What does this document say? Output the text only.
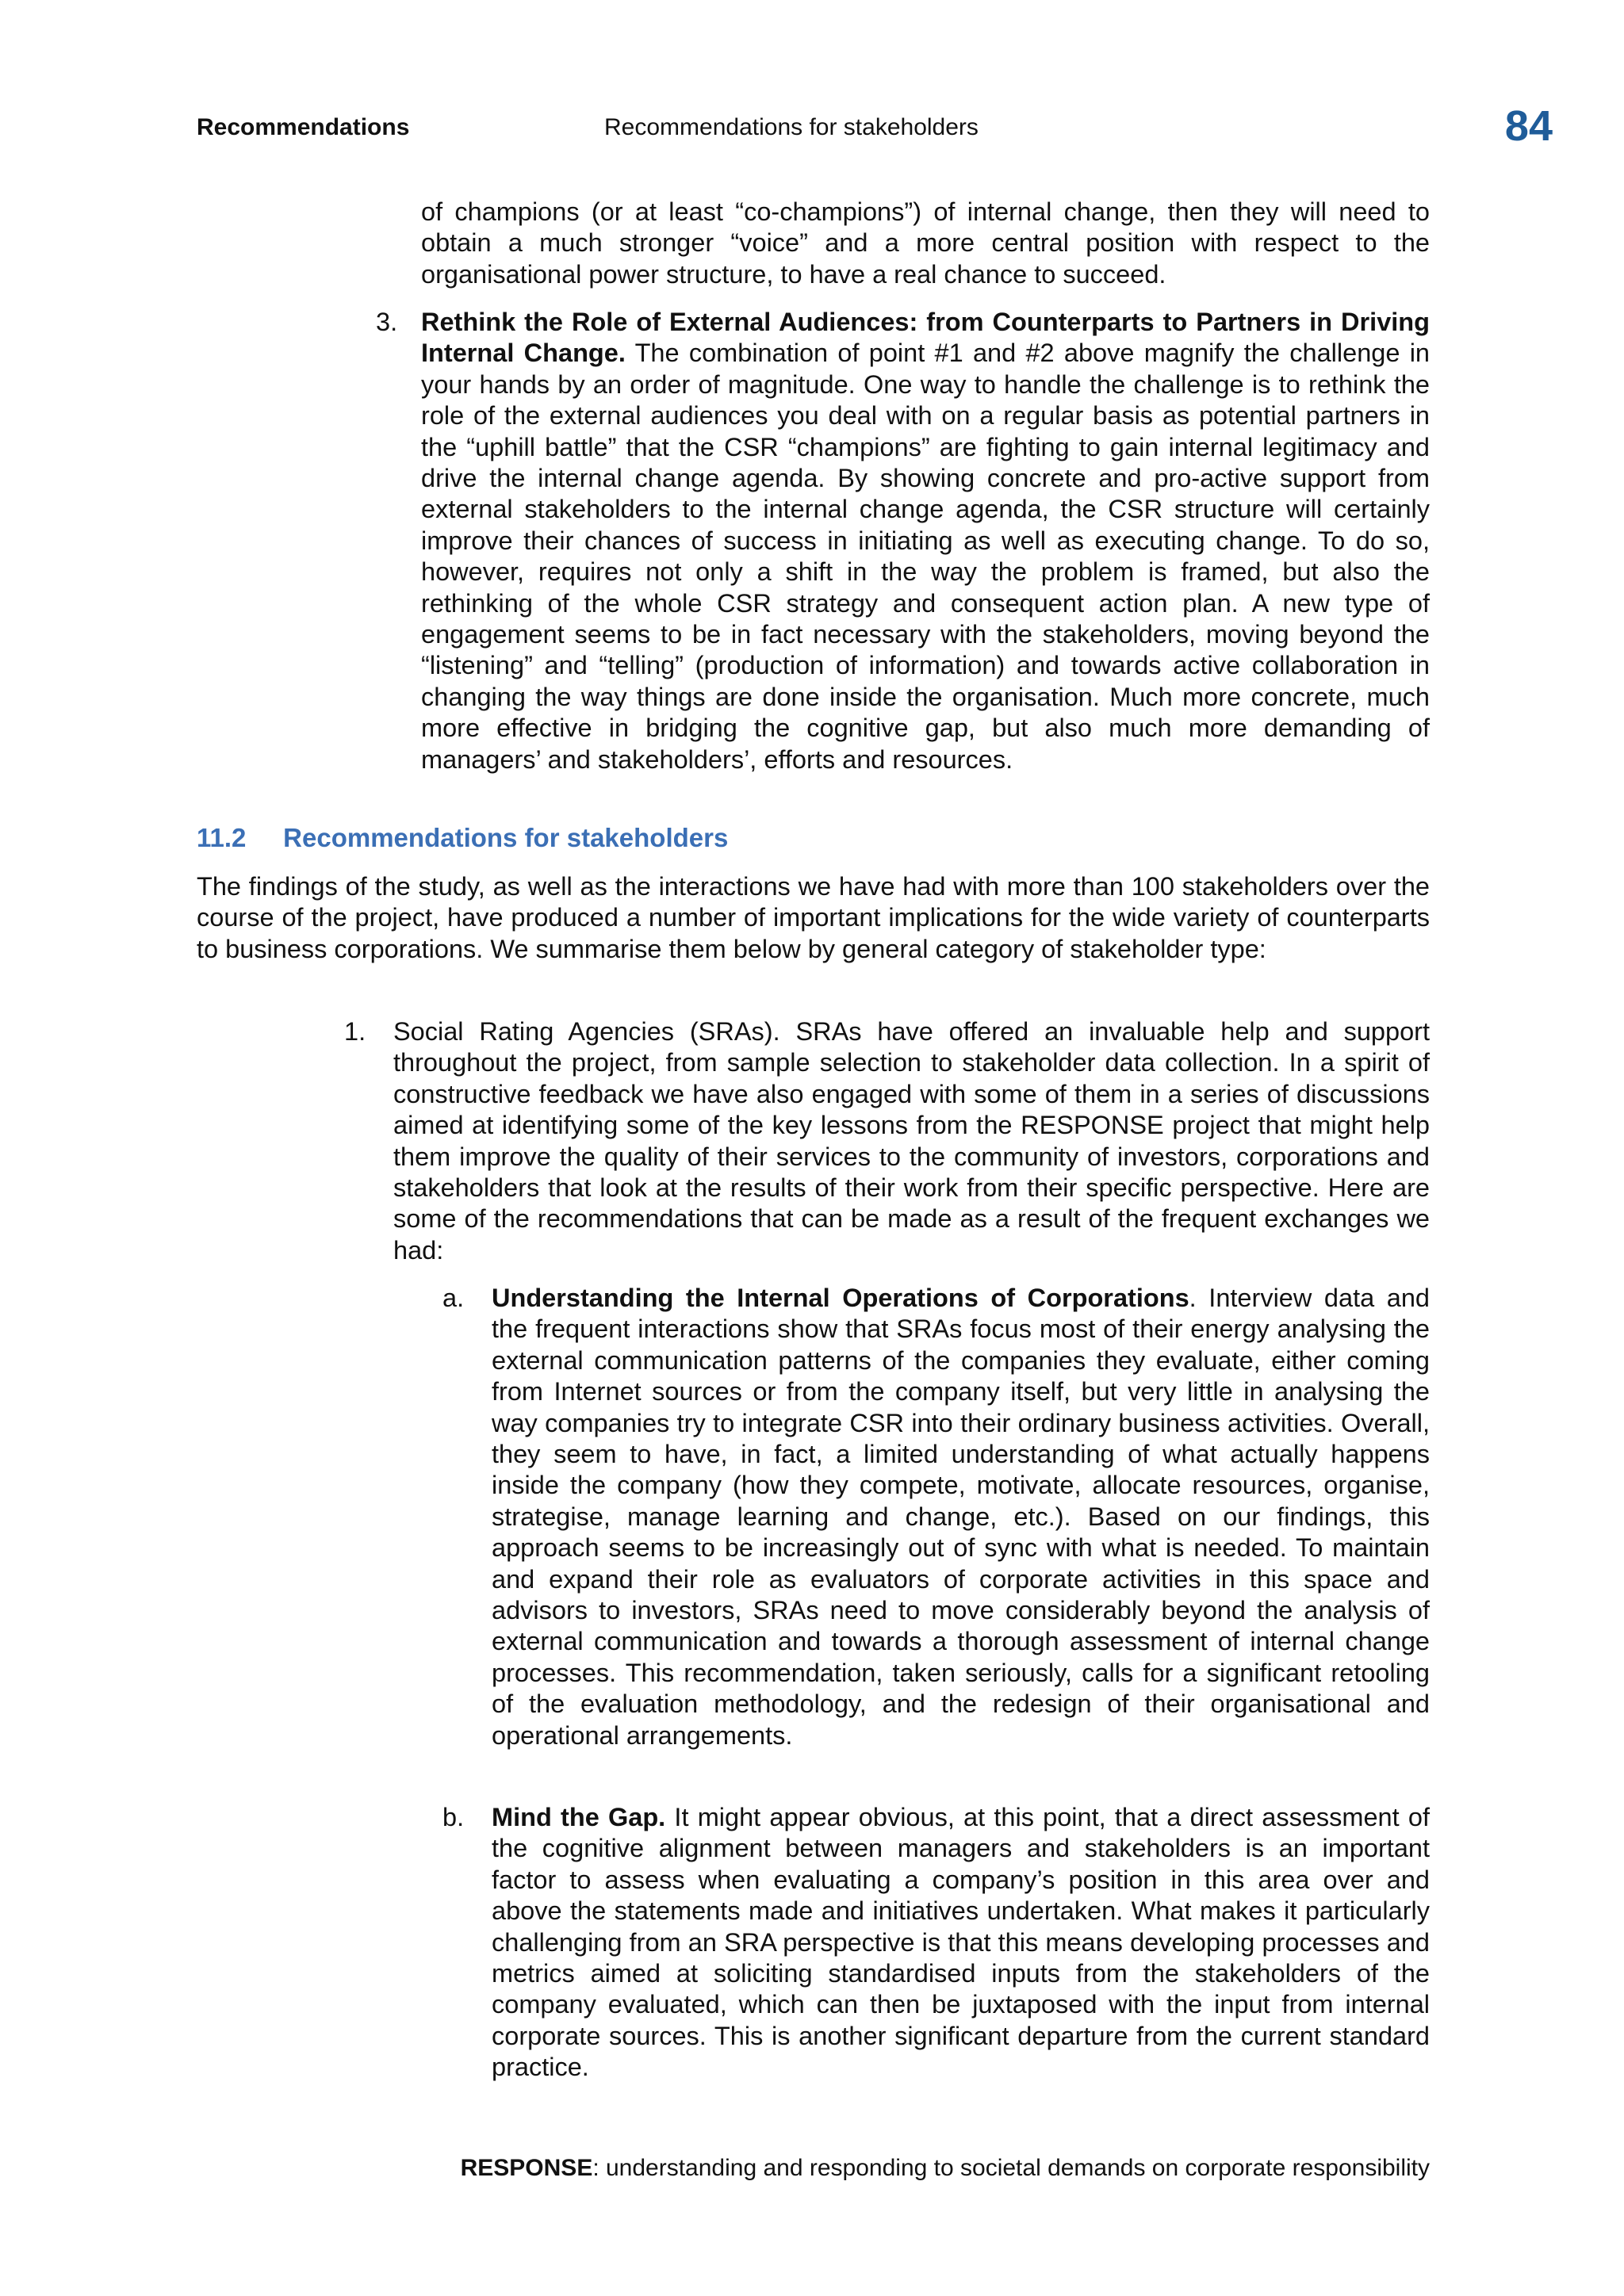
Recommendations	Recommendations for stakeholders	84

of champions (or at least “co-champions”) of internal change, then they will need to obtain a much stronger “voice” and a more central position with respect to the organisational power structure, to have a real chance to succeed.

3. Rethink the Role of External Audiences: from Counterparts to Partners in Driving Internal Change. The combination of point #1 and #2 above magnify the challenge in your hands by an order of magnitude. One way to handle the challenge is to rethink the role of the external audiences you deal with on a regular basis as potential partners in the “uphill battle” that the CSR “champions” are fighting to gain internal legitimacy and drive the internal change agenda. By showing concrete and pro-active support from external stakeholders to the internal change agenda, the CSR structure will certainly improve their chances of success in initiating as well as executing change. To do so, however, requires not only a shift in the way the problem is framed, but also the rethinking of the whole CSR strategy and consequent action plan. A new type of engagement seems to be in fact necessary with the stakeholders, moving beyond the “listening” and “telling” (production of information) and towards active collaboration in changing the way things are done inside the organisation. Much more concrete, much more effective in bridging the cognitive gap, but also much more demanding of managers’ and stakeholders’, efforts and resources.

11.2 Recommendations for stakeholders

The findings of the study, as well as the interactions we have had with more than 100 stakeholders over the course of the project, have produced a number of important implications for the wide variety of counterparts to business corporations. We summarise them below by general category of stakeholder type:

1. Social Rating Agencies (SRAs). SRAs have offered an invaluable help and support throughout the project, from sample selection to stakeholder data collection. In a spirit of constructive feedback we have also engaged with some of them in a series of discussions aimed at identifying some of the key lessons from the RESPONSE project that might help them improve the quality of their services to the community of investors, corporations and stakeholders that look at the results of their work from their specific perspective. Here are some of the recommendations that can be made as a result of the frequent exchanges we had:

a. Understanding the Internal Operations of Corporations. Interview data and the frequent interactions show that SRAs focus most of their energy analysing the external communication patterns of the companies they evaluate, either coming from Internet sources or from the company itself, but very little in analysing the way companies try to integrate CSR into their ordinary business activities. Overall, they seem to have, in fact, a limited understanding of what actually happens inside the company (how they compete, motivate, allocate resources, organise, strategise, manage learning and change, etc.). Based on our findings, this approach seems to be increasingly out of sync with what is needed. To maintain and expand their role as evaluators of corporate activities in this space and advisors to investors, SRAs need to move considerably beyond the analysis of external communication and towards a thorough assessment of internal change processes. This recommendation, taken seriously, calls for a significant retooling of the evaluation methodology, and the redesign of their organisational and operational arrangements.

b. Mind the Gap. It might appear obvious, at this point, that a direct assessment of the cognitive alignment between managers and stakeholders is an important factor to assess when evaluating a company’s position in this area over and above the statements made and initiatives undertaken. What makes it particularly challenging from an SRA perspective is that this means developing processes and metrics aimed at soliciting standardised inputs from the stakeholders of the company evaluated, which can then be juxtaposed with the input from internal corporate sources. This is another significant departure from the current standard practice.

RESPONSE: understanding and responding to societal demands on corporate responsibility
